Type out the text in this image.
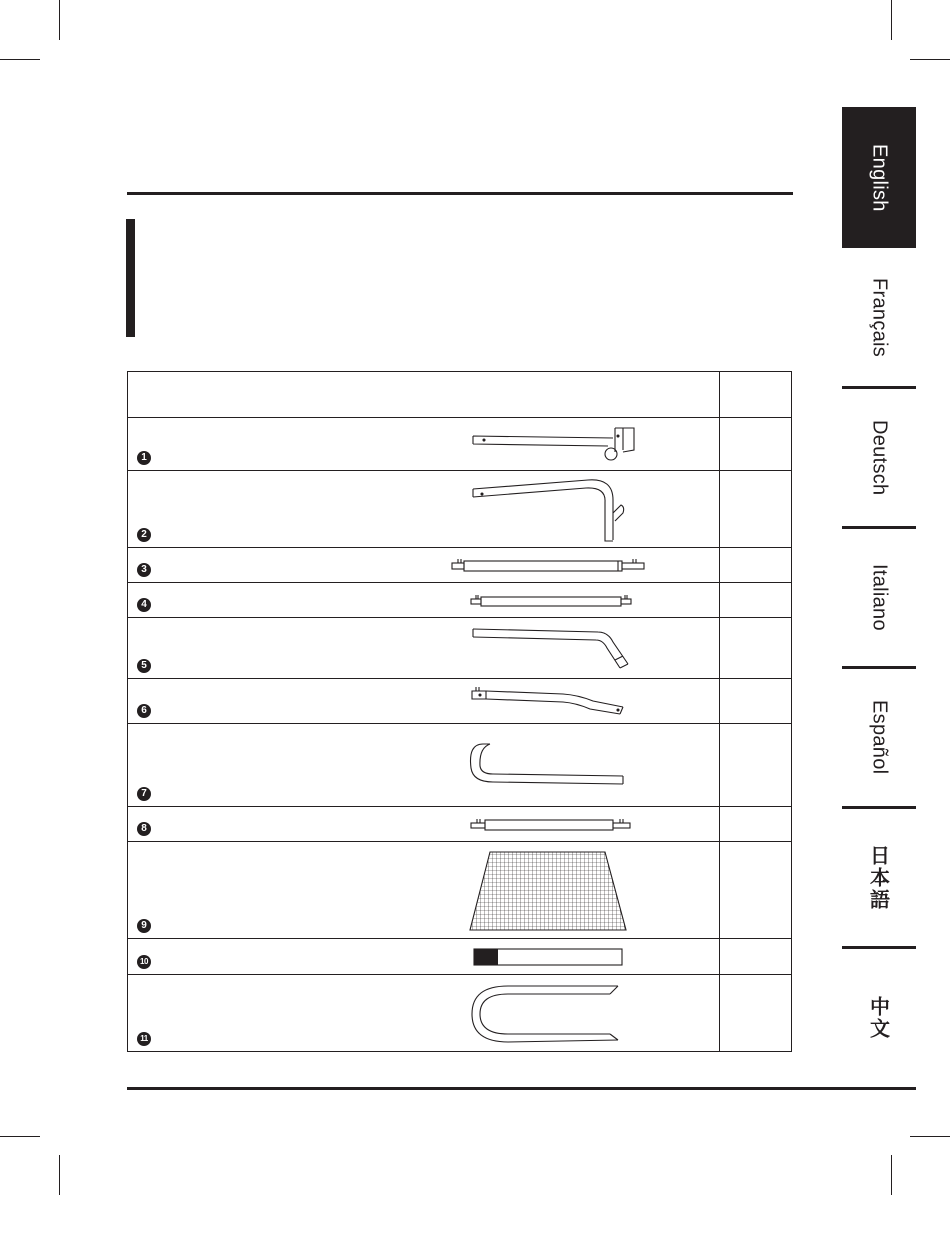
English
Français
Deutsch
Italiano
Español
日本語
中文

1	

2	

3	

4	

5	

6	

7	

8	

9	

10	

11	
